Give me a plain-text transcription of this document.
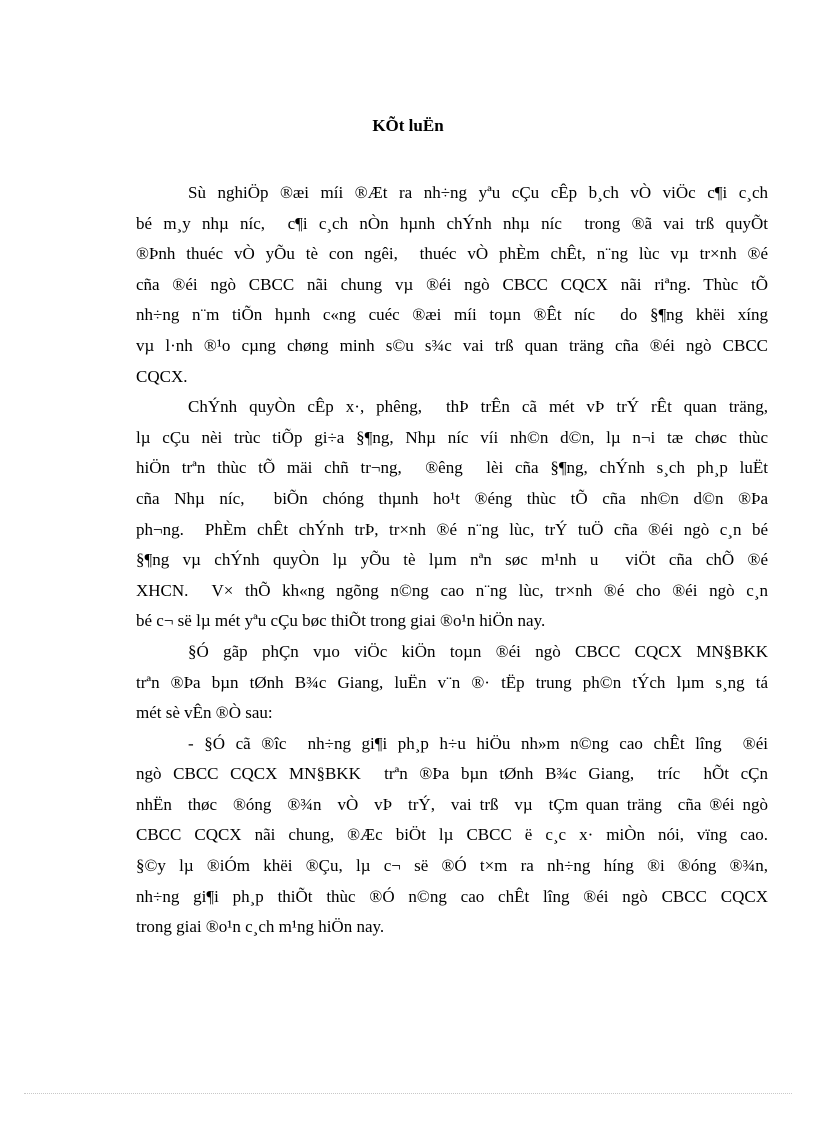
KÕt luËn
Sù nghiÖp ®æi míi ®Æt ra nh÷ng yªu cÇu cÊp b¸ch vÒ viÖc c¶i c¸ch
bé m¸y nhµ níc,  c¶i c¸ch nÒn hµnh chÝnh nhµ níc  trong ®ã vai trß quyÕt
®Þnh thuéc vÒ yÕu tè con ngêi,  thuéc vÒ phÈm chÊt, n¨ng lùc vµ tr×nh ®é
cña ®éi ngò CBCC nãi chung vµ ®éi ngò CBCC CQCX nãi riªng. Thùc tÕ
nh÷ng n¨m tiÕn hµnh c«ng cuéc ®æi míi toµn ®Êt níc  do §¶ng khëi xíng
vµ l·nh ®¹o cµng chøng minh s©u s¾c vai trß quan träng cña ®éi ngò CBCC
CQCX.
ChÝnh quyÒn cÊp x·, phêng,  thÞ trÊn cã mét vÞ trÝ rÊt quan träng,
lµ cÇu nèi trùc tiÕp gi÷a §¶ng, Nhµ níc víi nh©n d©n, lµ n¬i tæ chøc thùc
hiÖn trªn thùc tÕ mäi chñ tr¬ng,  ®êng  lèi cña §¶ng, chÝnh s¸ch ph¸p luËt
cña Nhµ níc,  biÕn chóng thµnh ho¹t ®éng thùc tÕ cña nh©n d©n ®Þa
ph¬ng.  PhÈm chÊt chÝnh trÞ, tr×nh ®é n¨ng lùc, trÝ tuÖ cña ®éi ngò c¸n bé
§¶ng vµ chÝnh quyÒn lµ yÕu tè lµm nªn søc m¹nh u  viÖt cña chÕ ®é
XHCN.  V× thÕ kh«ng ngõng n©ng cao n¨ng lùc, tr×nh ®é cho ®éi ngò c¸n
bé c¬ së lµ mét yªu cÇu bøc thiÕt trong giai ®o¹n hiÖn nay.
§Ó gãp phÇn vµo viÖc kiÖn toµn ®éi ngò CBCC CQCX MN§BKK
trªn ®Þa bµn tØnh B¾c Giang, luËn v¨n ®· tËp trung ph©n tÝch lµm s¸ng tá
mét sè vÊn ®Ò sau:
- §Ó cã ®îc  nh÷ng gi¶i ph¸p h÷u hiÖu nh»m n©ng cao chÊt lîng  ®éi
ngò CBCC CQCX MN§BKK  trªn ®Þa bµn tØnh B¾c Giang,  tríc  hÕt cÇn
nhËn  thøc  ®óng  ®¾n  vÒ  vÞ  trÝ,  vai trß  vµ  tÇm quan träng  cña ®éi ngò
CBCC CQCX nãi chung, ®Æc biÖt lµ CBCC ë c¸c x· miÒn nói, vïng cao.
§©y lµ ®iÓm khëi ®Çu, lµ c¬ së ®Ó t×m ra nh÷ng híng ®i ®óng ®¾n,
nh÷ng gi¶i ph¸p thiÕt thùc ®Ó n©ng cao chÊt lîng ®éi ngò CBCC CQCX
trong giai ®o¹n c¸ch m¹ng hiÖn nay.
